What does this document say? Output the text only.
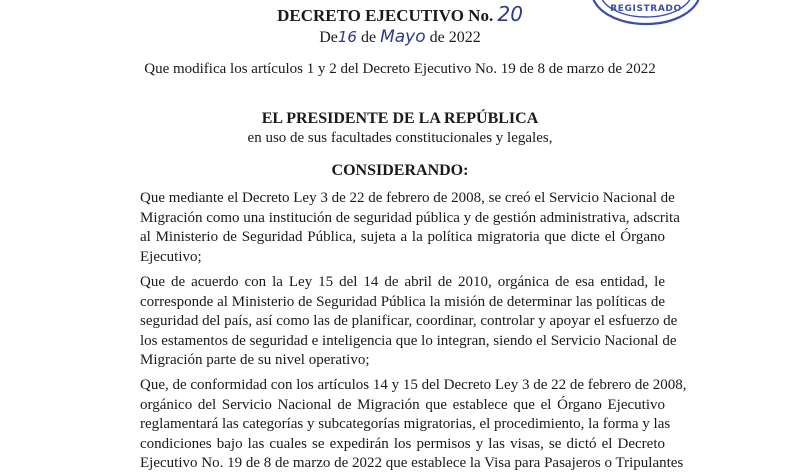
REGISTRADO
DECRETO EJECUTIVO No. 20
De16 de Mayo de 2022
Que modifica los artículos 1 y 2 del Decreto Ejecutivo No. 19 de 8 de marzo de 2022
EL PRESIDENTE DE LA REPÚBLICA
en uso de sus facultades constitucionales y legales,
CONSIDERANDO:
Que mediante el Decreto Ley 3 de 22 de febrero de 2008, se creó el Servicio Nacional de
Migración como una institución de seguridad pública y de gestión administrativa, adscrita
al Ministerio de Seguridad Pública, sujeta a la política migratoria que dicte el Órgano
Ejecutivo;
Que de acuerdo con la Ley 15 del 14 de abril de 2010, orgánica de esa entidad, le
corresponde al Ministerio de Seguridad Pública la misión de determinar las políticas de
seguridad del país, así como las de planificar, coordinar, controlar y apoyar el esfuerzo de
los estamentos de seguridad e inteligencia que lo integran, siendo el Servicio Nacional de
Migración parte de su nivel operativo;
Que, de conformidad con los artículos 14 y 15 del Decreto Ley 3 de 22 de febrero de 2008,
orgánico del Servicio Nacional de Migración que establece que el Órgano Ejecutivo
reglamentará las categorías y subcategorías migratorias, el procedimiento, la forma y las
condiciones bajo las cuales se expedirán los permisos y las visas, se dictó el Decreto
Ejecutivo No. 19 de 8 de marzo de 2022 que establece la Visa para Pasajeros o Tripulantes
